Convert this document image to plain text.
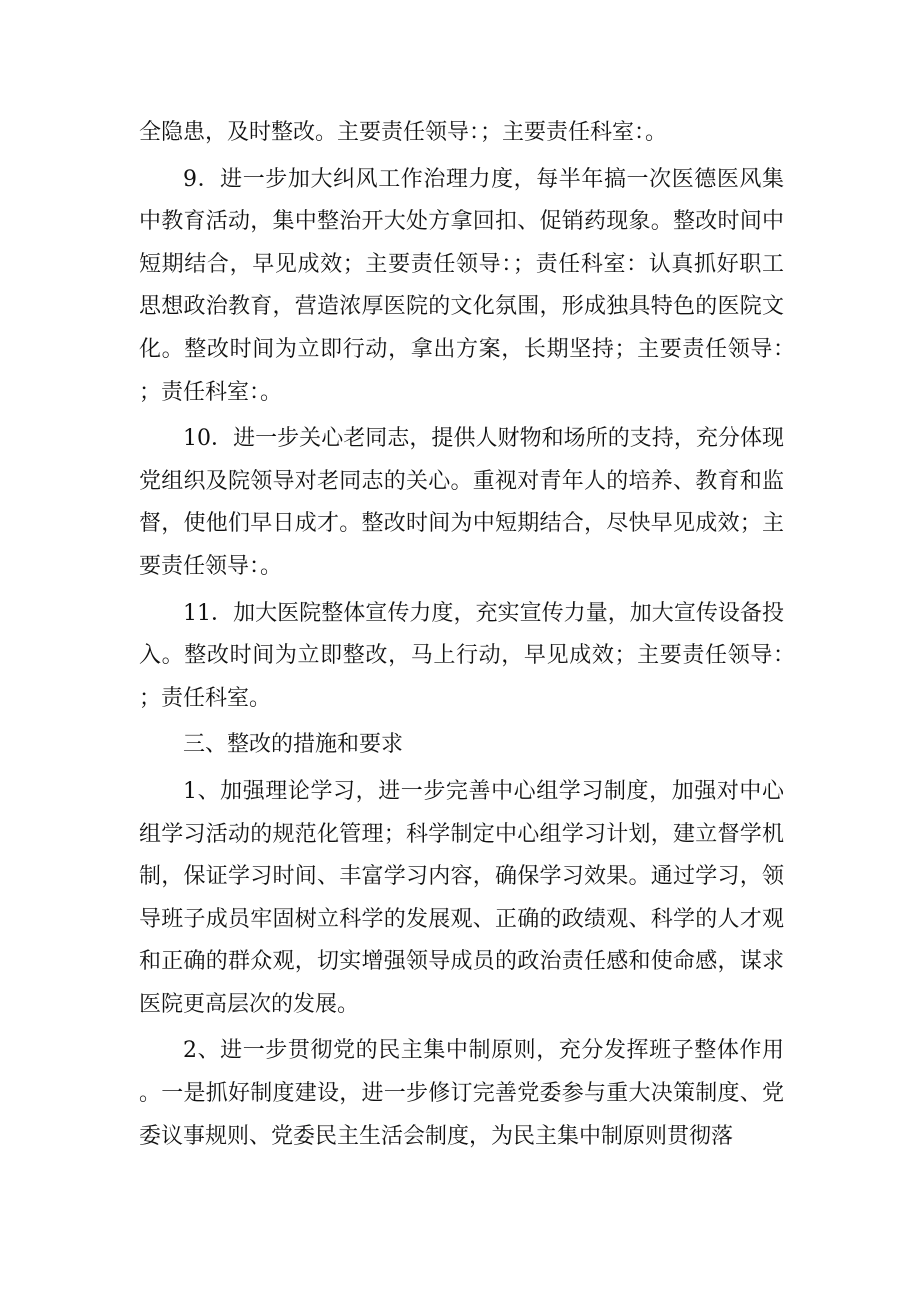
全隐患，及时整改。主要责任领导：；主要责任科室：。

9．进一步加大纠风工作治理力度，每半年搞一次医德医风集中教育活动，集中整治开大处方拿回扣、促销药现象。整改时间中短期结合，早见成效；主要责任领导：；责任科室：认真抓好职工思想政治教育，营造浓厚医院的文化氛围，形成独具特色的医院文化。整改时间为立即行动，拿出方案，长期坚持；主要责任领导：；责任科室：。

10．进一步关心老同志，提供人财物和场所的支持，充分体现党组织及院领导对老同志的关心。重视对青年人的培养、教育和监督，使他们早日成才。整改时间为中短期结合，尽快早见成效；主要责任领导：。

11．加大医院整体宣传力度，充实宣传力量，加大宣传设备投入。整改时间为立即整改，马上行动，早见成效；主要责任领导：；责任科室。

三、整改的措施和要求

1、加强理论学习，进一步完善中心组学习制度，加强对中心组学习活动的规范化管理；科学制定中心组学习计划，建立督学机制，保证学习时间、丰富学习内容，确保学习效果。通过学习，领导班子成员牢固树立科学的发展观、正确的政绩观、科学的人才观和正确的群众观，切实增强领导成员的政治责任感和使命感，谋求医院更高层次的发展。

2、进一步贯彻党的民主集中制原则，充分发挥班子整体作用。一是抓好制度建设，进一步修订完善党委参与重大决策制度、党委议事规则、党委民主生活会制度，为民主集中制原则贯彻落
